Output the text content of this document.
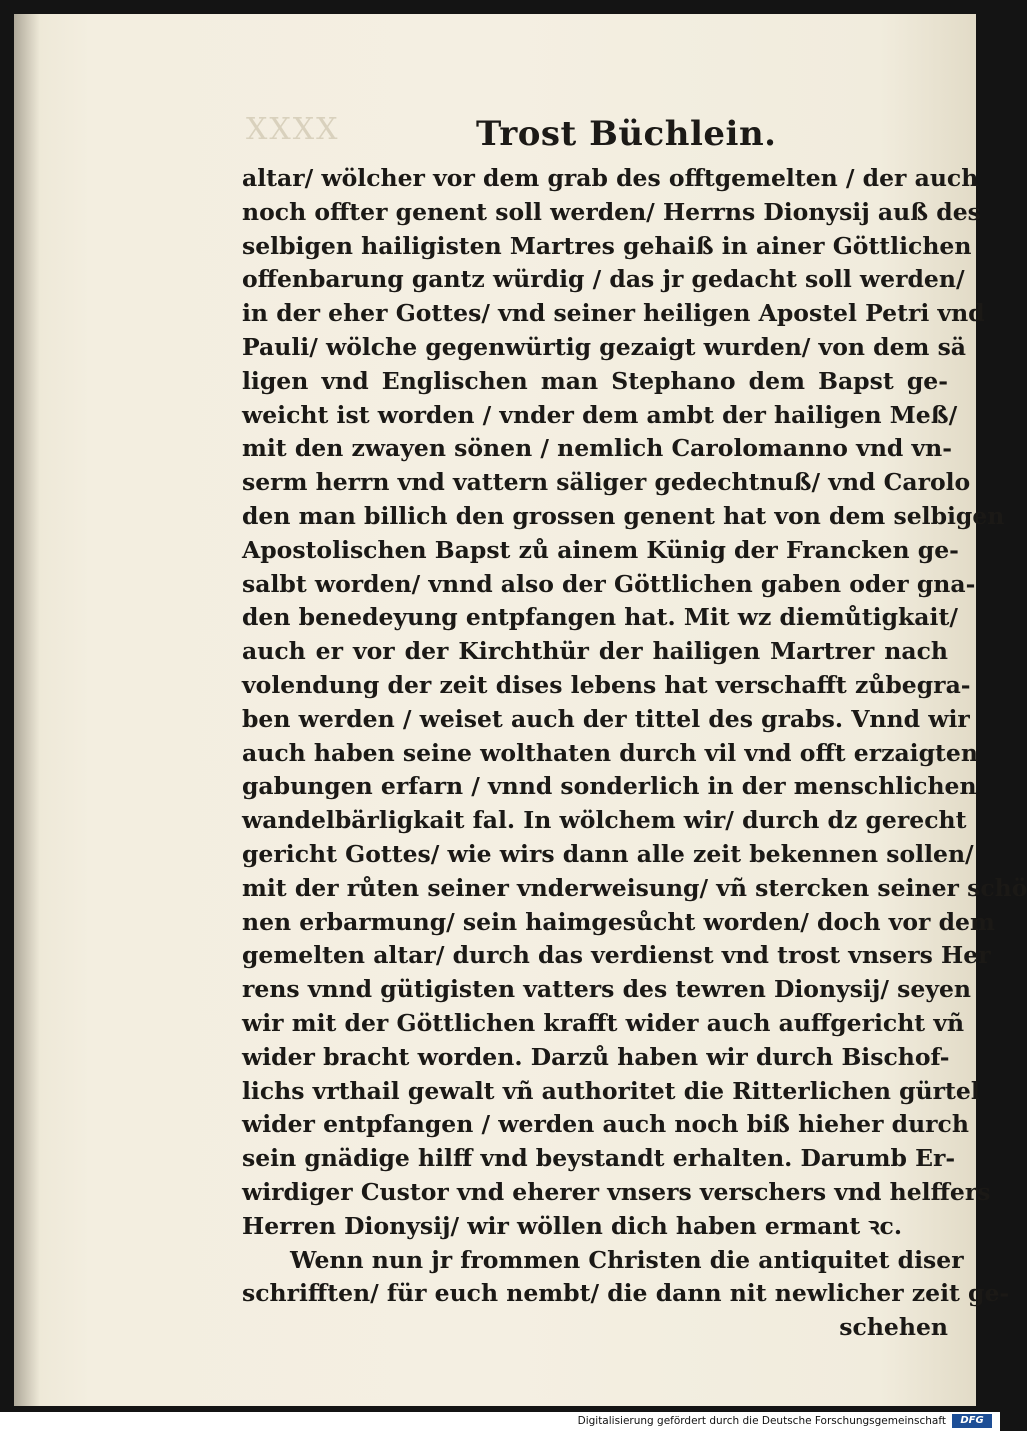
XXXX	Trost Büchlein.
altar/ wölcher vor dem grab des offtgemelten / der auch
noch offter genent soll werden/ Herrns Dionysij auß des
selbigen hailigisten Martres gehaiß in ainer Göttlichen
offenbarung gantz würdig / das jr gedacht soll werden/
in der eher Gottes/ vnd seiner heiligen Apostel Petri vnd
Pauli/ wölche gegenwürtig gezaigt wurden/ von dem sä
ligen vnd Englischen man Stephano dem Bapst ge-
weicht ist worden / vnder dem ambt der hailigen Meß/
mit den zwayen sönen / nemlich Carolomanno vnd vn-
serm herrn vnd vattern säliger gedechtnuß/ vnd Carolo
den man billich den grossen genent hat von dem selbigen
Apostolischen Bapst zů ainem Künig der Francken ge-
salbt worden/ vnnd also der Göttlichen gaben oder gna-
den benedeyung entpfangen hat. Mit wz diemůtigkait/
auch er vor der Kirchthür der hailigen Martrer nach
volendung der zeit dises lebens hat verschafft zůbegra-
ben werden / weiset auch der tittel des grabs. Vnnd wir
auch haben seine wolthaten durch vil vnd offt erzaigten
gabungen erfarn / vnnd sonderlich in der menschlichen
wandelbärligkait fal. In wölchem wir/ durch dz gerecht
gericht Gottes/ wie wirs dann alle zeit bekennen sollen/
mit der růten seiner vnderweisung/ vñ stercken seiner schö
nen erbarmung/ sein haimgesůcht worden/ doch vor dem
gemelten altar/ durch das verdienst vnd trost vnsers Her
rens vnnd gütigisten vatters des tewren Dionysij/ seyen
wir mit der Göttlichen krafft wider auch auffgericht vñ
wider bracht worden. Darzů haben wir durch Bischof-
lichs vrthail gewalt vñ authoritet die Ritterlichen gürtel
wider entpfangen / werden auch noch biß hieher durch
sein gnädige hilff vnd beystandt erhalten. Darumb Er-
wirdiger Custor vnd eherer vnsers verschers vnd helffers
Herren Dionysij/ wir wöllen dich haben ermant ꝛc.
Wenn nun jr frommen Christen die antiquitet diser
schrifften/ für euch nembt/ die dann nit newlicher zeit ge-
schehen
Digitalisierung gefördert durch die Deutsche Forschungsgemeinschaft	DFG
